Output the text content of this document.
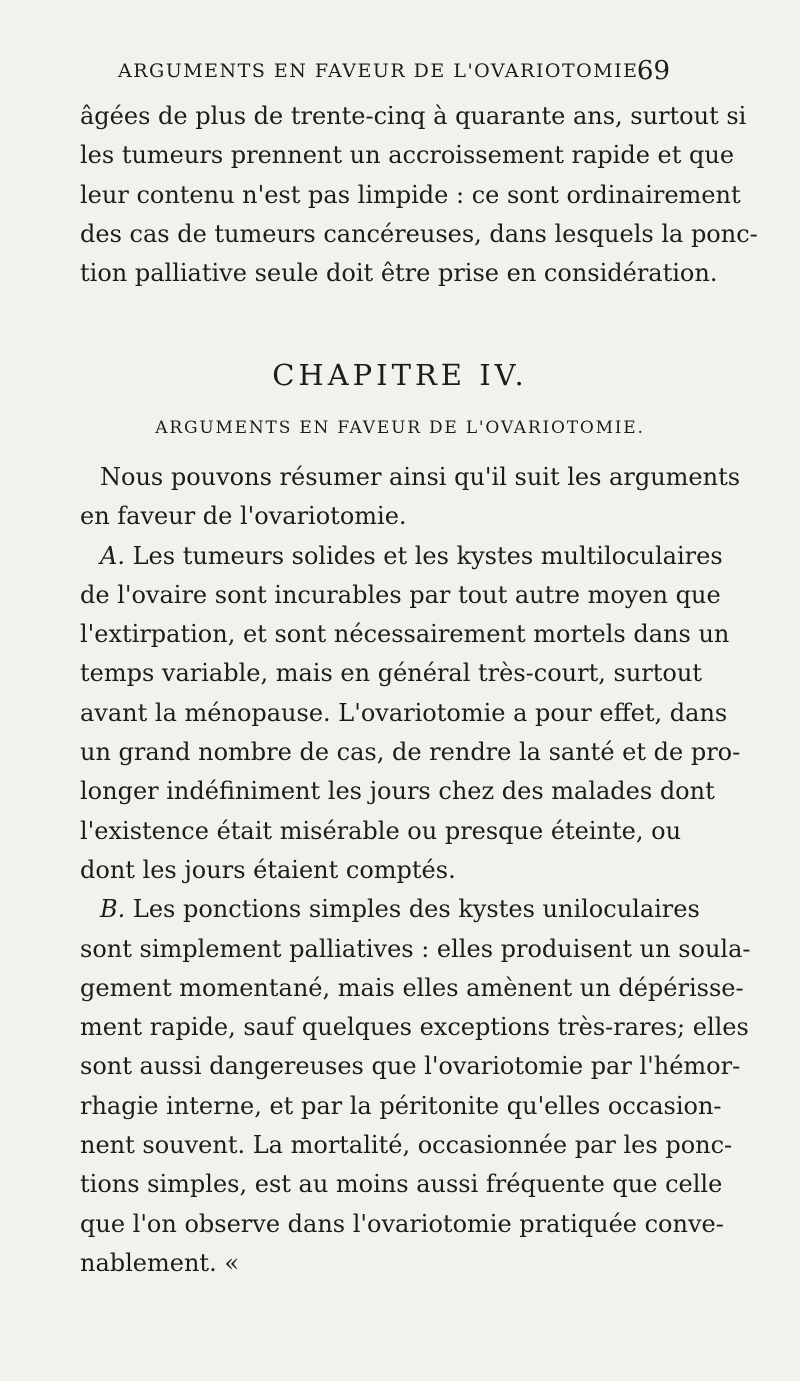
ARGUMENTS EN FAVEUR DE L'OVARIOTOMIE.
69
âgées de plus de trente-cinq à quarante ans, surtout si
les tumeurs prennent un accroissement rapide et que
leur contenu n'est pas limpide : ce sont ordinairement
des cas de tumeurs cancéreuses, dans lesquels la ponc-
tion palliative seule doit être prise en considération.
CHAPITRE IV.
ARGUMENTS EN FAVEUR DE L'OVARIOTOMIE.
Nous pouvons résumer ainsi qu'il suit les arguments
en faveur de l'ovariotomie.
A. Les tumeurs solides et les kystes multiloculaires
de l'ovaire sont incurables par tout autre moyen que
l'extirpation, et sont nécessairement mortels dans un
temps variable, mais en général très-court, surtout
avant la ménopause. L'ovariotomie a pour effet, dans
un grand nombre de cas, de rendre la santé et de pro-
longer indéfiniment les jours chez des malades dont
l'existence était misérable ou presque éteinte, ou
dont les jours étaient comptés.
B. Les ponctions simples des kystes uniloculaires
sont simplement palliatives : elles produisent un soula-
gement momentané, mais elles amènent un dépérisse-
ment rapide, sauf quelques exceptions très-rares; elles
sont aussi dangereuses que l'ovariotomie par l'hémor-
rhagie interne, et par la péritonite qu'elles occasion-
nent souvent. La mortalité, occasionnée par les ponc-
tions simples, est au moins aussi fréquente que celle
que l'on observe dans l'ovariotomie pratiquée conve-
nablement. «
